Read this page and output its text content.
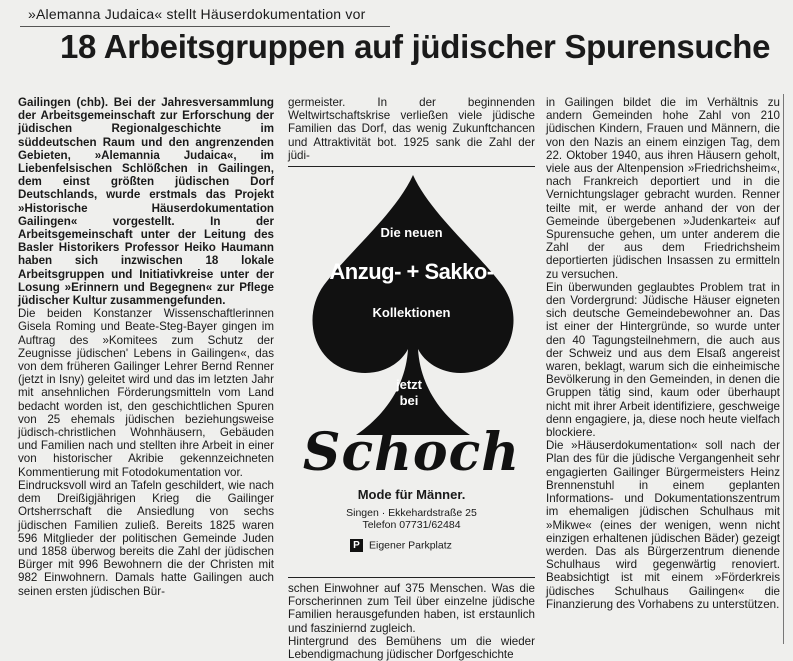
»Alemanna Judaica« stellt Häuserdokumentation vor

18 Arbeitsgruppen auf jüdischer Spurensuche

Gailingen (chb). Bei der Jahresversammlung der Arbeitsgemeinschaft zur Erforschung der jüdischen Regionalgeschichte im süddeutschen Raum und den angrenzenden Gebieten, »Alemannia Judaica«, im Liebenfelsischen Schlößchen in Gailingen, dem einst größten jüdischen Dorf Deutschlands, wurde erstmals das Projekt »Historische Häuserdokumentation Gailingen« vorgestellt. In der Arbeitsgemeinschaft unter der Leitung des Basler Historikers Professor Heiko Haumann haben sich inzwischen 18 lokale Arbeitsgruppen und Initiativkreise unter der Losung »Erinnern und Begegnen« zur Pflege jüdischer Kultur zusammengefunden.

Die beiden Konstanzer Wissenschaftlerinnen Gisela Roming und Beate-Steg-Bayer gingen im Auftrag des »Komitees zum Schutz der Zeugnisse jüdischen' Lebens in Gailingen«, das von dem früheren Gailinger Lehrer Bernd Renner (jetzt in Isny) geleitet wird und das im letzten Jahr mit ansehnlichen Förderungsmitteln vom Land bedacht worden ist, den geschichtlichen Spuren von 25 ehemals jüdischen beziehungsweise jüdisch-christlichen Wohnhäusern, Gebäuden und Familien nach und stellten ihre Arbeit in einer von historischer Akribie gekennzeichneten Kommentierung mit Fotodokumentation vor.

Eindrucksvoll wird an Tafeln geschildert, wie nach dem Dreißigjährigen Krieg die Gailinger Ortsherrschaft die Ansiedlung von sechs jüdischen Familien zuließ. Bereits 1825 waren 596 Mitglieder der politischen Gemeinde Juden und 1858 überwog bereits die Zahl der jüdischen Bürger mit 996 Bewohnern die der Christen mit 982 Einwohnern. Damals hatte Gailingen auch seinen ersten jüdischen Bür-

germeister. In der beginnenden Weltwirtschaftskrise verließen viele jüdische Familien das Dorf, das wenig Zukunftchancen und Attraktivität bot. 1925 sank die Zahl der jüdi-

Die neuen
Anzug- + Sakko-
Kollektionen
jetzt
bei
Schoch
Mode für Männer.
Singen · Ekkehardstraße 25
Telefon 07731/62484
P Eigener Parkplatz

schen Einwohner auf 375 Menschen. Was die Forscherinnen zum Teil über einzelne jüdische Familien herausgefunden haben, ist erstaunlich und fasziniernd zugleich.

Hintergrund des Bemühens um die wieder Lebendigmachung jüdischer Dorfgeschichte

in Gailingen bildet die im Verhältnis zu andern Gemeinden hohe Zahl von 210 jüdischen Kindern, Frauen und Männern, die von den Nazis an einem einzigen Tag, dem 22. Oktober 1940, aus ihren Häusern geholt, viele aus der Altenpension »Friedrichsheim«, nach Frankreich deportiert und in die Vernichtungslager gebracht wurden. Renner teilte mit, er werde anhand der von der Gemeinde übergebenen »Judenkartei« auf Spurensuche gehen, um unter anderem die Zahl der aus dem Friedrichsheim deportierten jüdischen Insassen zu ermitteln zu versuchen.

Ein überwunden geglaubtes Problem trat in den Vordergrund: Jüdische Häuser eigneten sich deutsche Gemeindebewohner an. Das ist einer der Hintergründe, so wurde unter den 40 Tagungsteilnehmern, die auch aus der Schweiz und aus dem Elsaß angereist waren, beklagt, warum sich die einheimische Bevölkerung in den Gemeinden, in denen die Gruppen tätig sind, kaum oder überhaupt nicht mit ihrer Arbeit identifiziere, geschweige denn engagiere, ja, diese noch heute vielfach blockiere.

Die »Häuserdokumentation« soll nach der Plan des für die jüdische Vergangenheit sehr engagierten Gailinger Bürgermeisters Heinz Brennenstuhl in einem geplanten Informations- und Dokumentationszentrum im ehemaligen jüdischen Schulhaus mit »Mikwe« (eines der wenigen, wenn nicht einzigen erhaltenen jüdischen Bäder) gezeigt werden. Das als Bürgerzentrum dienende Schulhaus wird gegenwärtig renoviert. Beabsichtigt ist mit einem »Förderkreis jüdisches Schulhaus Gailingen« die Finanzierung des Vorhabens zu unterstützen.
